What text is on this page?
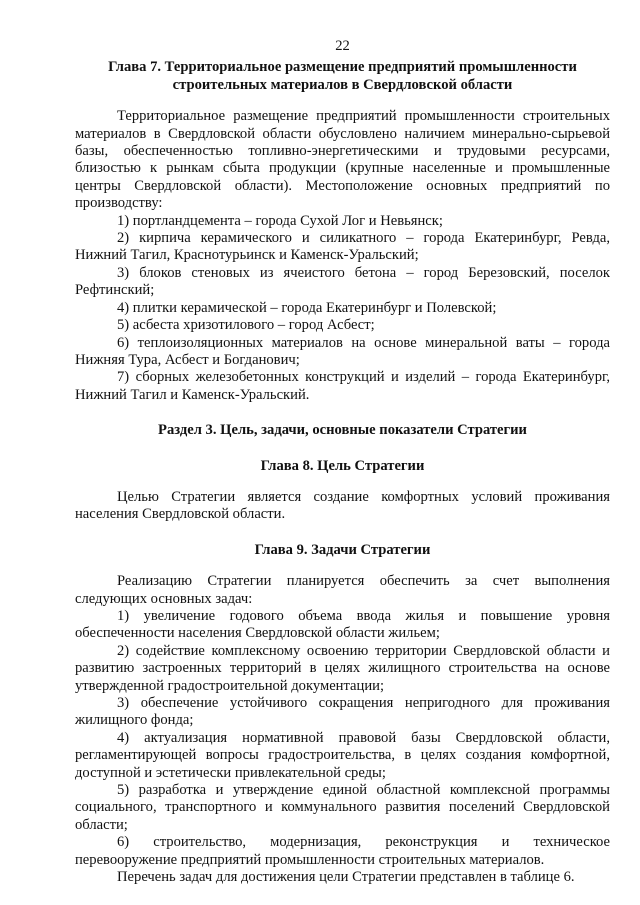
22
Глава 7. Территориальное размещение предприятий промышленности
строительных материалов в Свердловской области

Территориальное размещение предприятий промышленности строительных материалов в Свердловской области обусловлено наличием минерально-сырьевой базы, обеспеченностью топливно-энергетическими и трудовыми ресурсами, близостью к рынкам сбыта продукции (крупные населенные и промышленные центры Свердловской области). Местоположение основных предприятий по производству:

1) портландцемента – города Сухой Лог и Невьянск;

2) кирпича керамического и силикатного – города Екатеринбург, Ревда, Нижний Тагил, Краснотурьинск и Каменск-Уральский;

3) блоков стеновых из ячеистого бетона – город Березовский, поселок Рефтинский;

4) плитки керамической – города Екатеринбург и Полевской;

5) асбеста хризотилового – город Асбест;

6) теплоизоляционных материалов на основе минеральной ваты – города Нижняя Тура, Асбест и Богданович;

7) сборных железобетонных конструкций и изделий – города Екатеринбург, Нижний Тагил и Каменск-Уральский.

Раздел 3. Цель, задачи, основные показатели Стратегии
Глава 8. Цель Стратегии

Целью Стратегии является создание комфортных условий проживания населения Свердловской области.

Глава 9. Задачи Стратегии

Реализацию Стратегии планируется обеспечить за счет выполнения следующих основных задач:

1) увеличение годового объема ввода жилья и повышение уровня обеспеченности населения Свердловской области жильем;

2) содействие комплексному освоению территории Свердловской области и развитию застроенных территорий в целях жилищного строительства на основе утвержденной градостроительной документации;

3) обеспечение устойчивого сокращения непригодного для проживания жилищного фонда;

4) актуализация нормативной правовой базы Свердловской области, регламентирующей вопросы градостроительства, в целях создания комфортной, доступной и эстетически привлекательной среды;

5) разработка и утверждение единой областной комплексной программы социального, транспортного и коммунального развития поселений Свердловской области;

6) строительство, модернизация, реконструкция и техническое перевооружение предприятий промышленности строительных материалов.

Перечень задач для достижения цели Стратегии представлен в таблице 6.
